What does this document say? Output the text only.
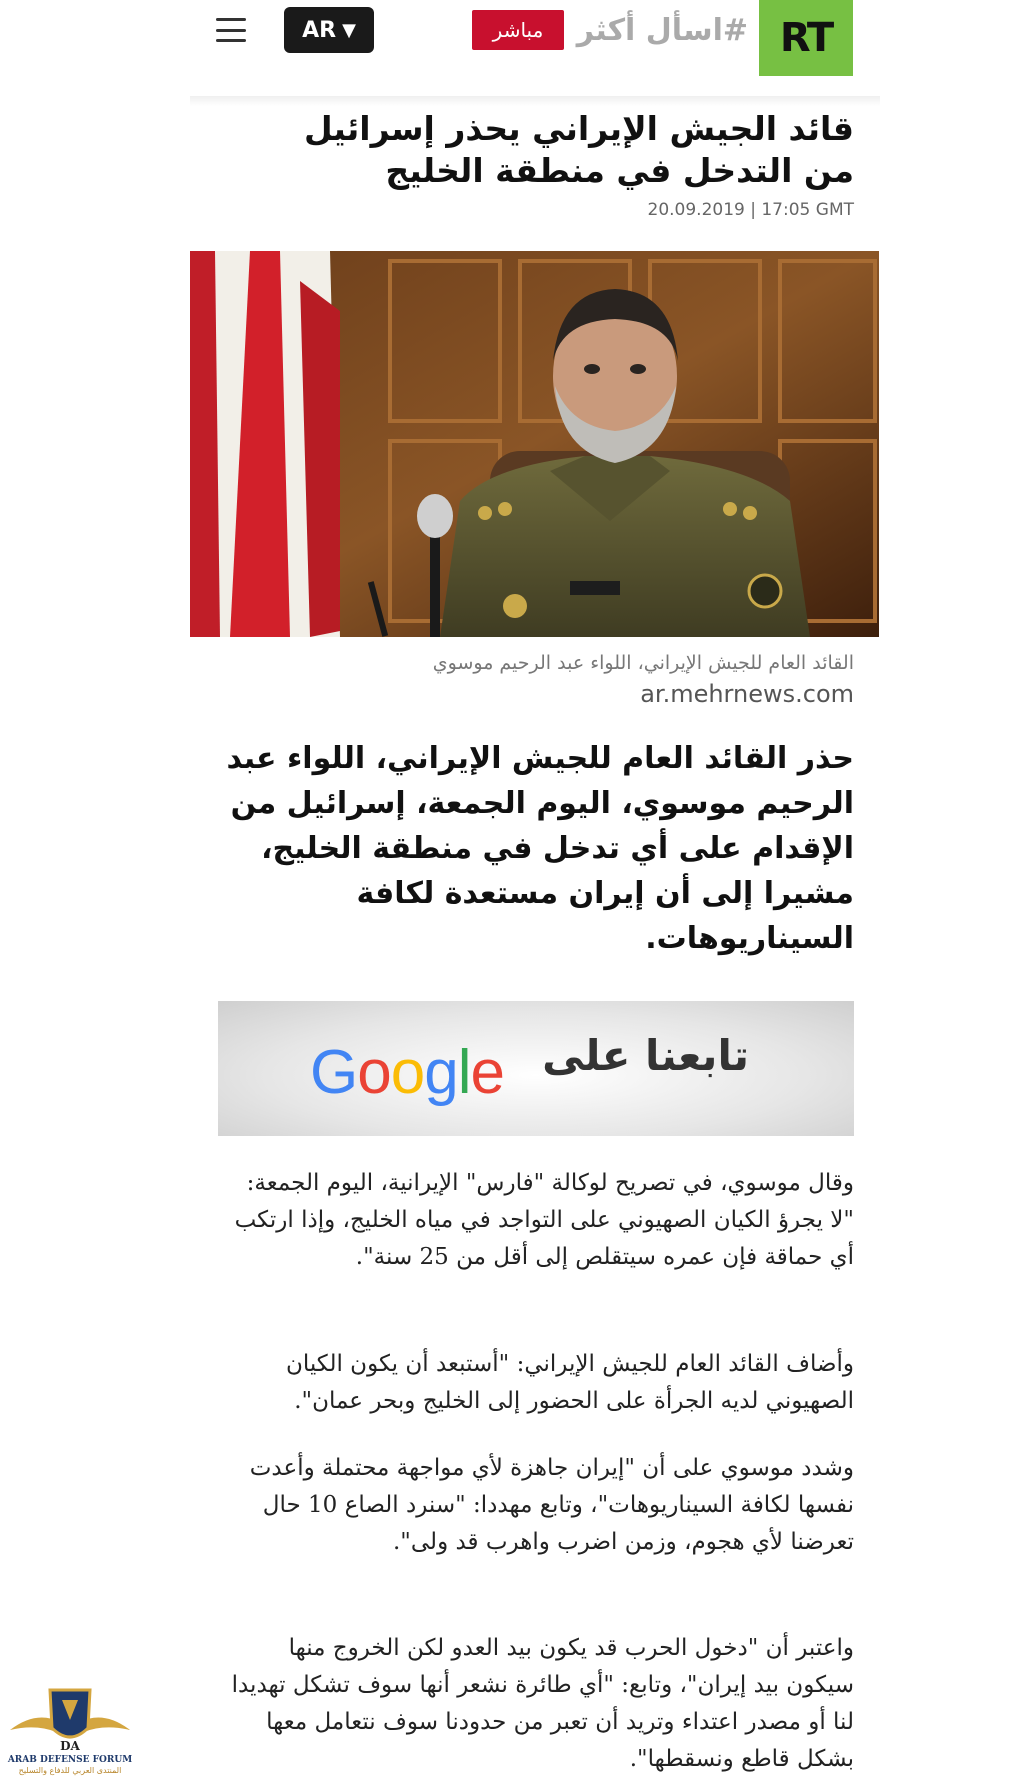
RT
#اسأل أكثر
مباشر
AR ▼
قائد الجيش الإيراني يحذر إسرائيل من التدخل في منطقة الخليج
20.09.2019 | 17:05 GMT
القائد العام للجيش الإيراني، اللواء عبد الرحيم موسوي
ar.mehrnews.com

حذر القائد العام للجيش الإيراني، اللواء عبد الرحيم موسوي، اليوم الجمعة، إسرائيل من الإقدام على أي تدخل في منطقة الخليج، مشيرا إلى أن إيران مستعدة لكافة السيناريوهات.

تابعنا على
Google

وقال موسوي، في تصريح لوكالة "فارس" الإيرانية، اليوم الجمعة: "لا يجرؤ الكيان الصهيوني على التواجد في مياه الخليج، وإذا ارتكب أي حماقة فإن عمره سيتقلص إلى أقل من 25 سنة".

وأضاف القائد العام للجيش الإيراني: "أستبعد أن يكون الكيان الصهيوني لديه الجرأة على الحضور إلى الخليج وبحر عمان".

وشدد موسوي على أن "إيران جاهزة لأي مواجهة محتملة وأعدت نفسها لكافة السيناريوهات"، وتابع مهددا: "سنرد الصاع 10 حال تعرضنا لأي هجوم، وزمن اضرب واهرب قد ولى".

واعتبر أن "دخول الحرب قد يكون بيد العدو لكن الخروج منها سيكون بيد إيران"، وتابع: "أي طائرة نشعر أنها سوف تشكل تهديدا لنا أو مصدر اعتداء وتريد أن تعبر من حدودنا سوف نتعامل معها بشكل قاطع ونسقطها".

DA
ARAB DEFENSE FORUM
المنتدى العربي للدفاع والتسليح
